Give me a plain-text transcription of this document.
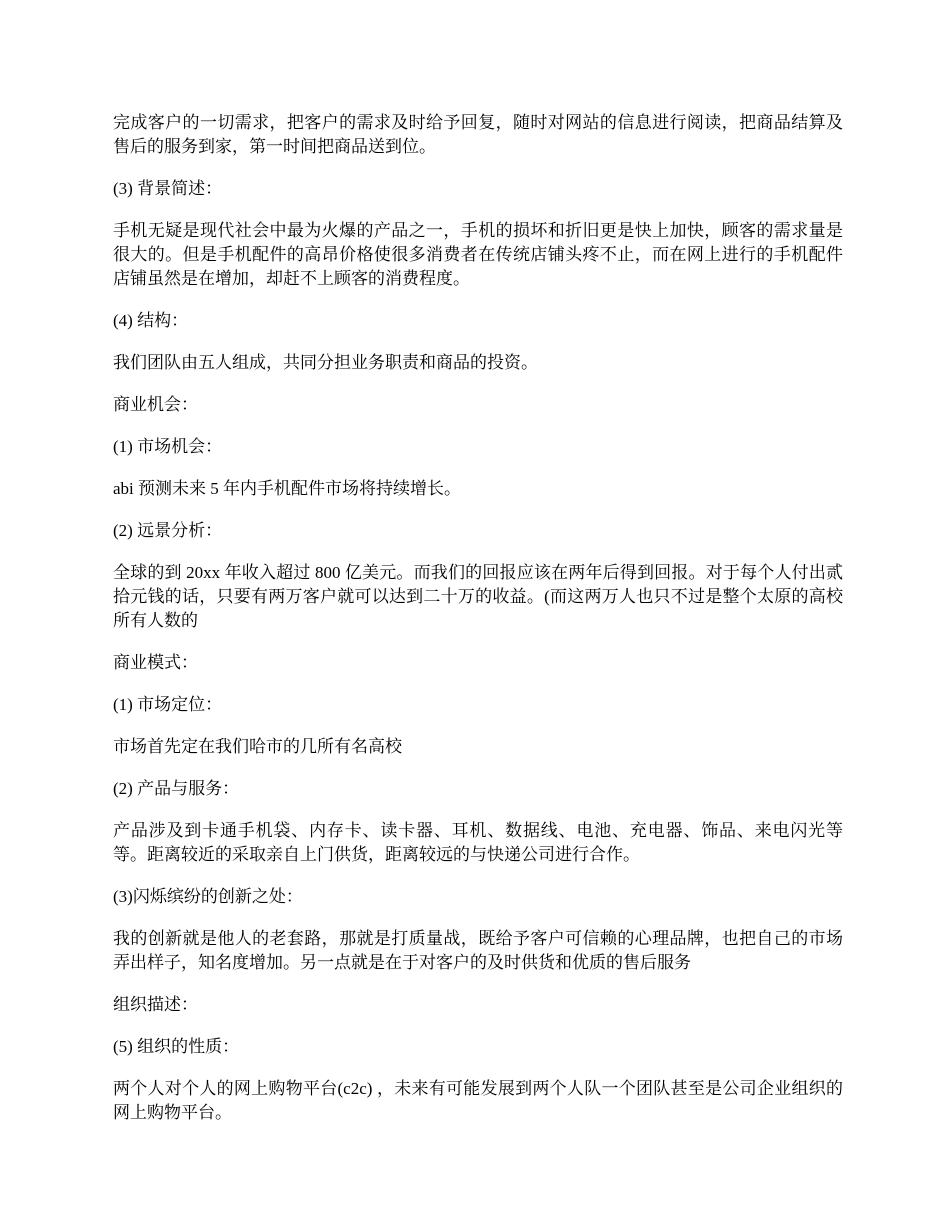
完成客户的一切需求，把客户的需求及时给予回复，随时对网站的信息进行阅读，把商品结算及售后的服务到家，第一时间把商品送到位。

(3) 背景简述：

手机无疑是现代社会中最为火爆的产品之一，手机的损坏和折旧更是快上加快，顾客的需求量是很大的。但是手机配件的高昂价格使很多消费者在传统店铺头疼不止，而在网上进行的手机配件店铺虽然是在增加，却赶不上顾客的消费程度。

(4) 结构：

我们团队由五人组成，共同分担业务职责和商品的投资。

商业机会：

(1) 市场机会：

abi 预测未来 5 年内手机配件市场将持续增长。

(2) 远景分析：

全球的到 20xx 年收入超过 800 亿美元。而我们的回报应该在两年后得到回报。对于每个人付出贰拾元钱的话，只要有两万客户就可以达到二十万的收益。(而这两万人也只不过是整个太原的高校所有人数的

商业模式：

(1) 市场定位：

市场首先定在我们哈市的几所有名高校

(2) 产品与服务：

产品涉及到卡通手机袋、内存卡、读卡器、耳机、数据线、电池、充电器、饰品、来电闪光等等。距离较近的采取亲自上门供货，距离较远的与快递公司进行合作。

(3)闪烁缤纷的创新之处：

我的创新就是他人的老套路，那就是打质量战，既给予客户可信赖的心理品牌，也把自己的市场弄出样子，知名度增加。另一点就是在于对客户的及时供货和优质的售后服务

组织描述：

(5) 组织的性质：

两个人对个人的网上购物平台(c2c) ，未来有可能发展到两个人队一个团队甚至是公司企业组织的网上购物平台。
